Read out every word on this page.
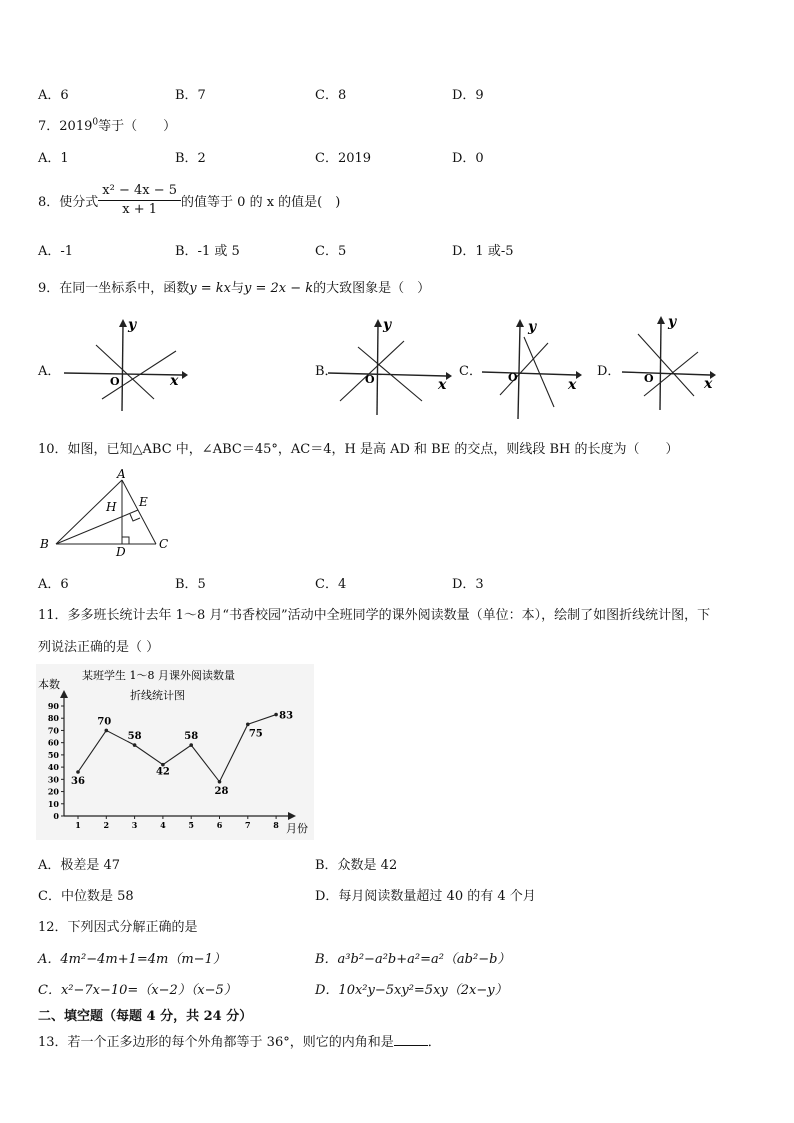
A．6	B．7	C．8	D．9
7．2019$^0$等于（　　）
A．1	B．2	C．2019	D．0
8．使分式 $\frac{\text{x² − 4x − 5}}{x + 1}$ 的值等于 0 的 x 的值是(　)
A．-1	B．-1 或 5	C．5	D．1 或-5
9．在同一坐标系中，函数y = kx与y = 2x − k的大致图象是（　）
A．
O	x
y
B．
O	x
y
C． O	x
y
D． O	x
y
10．如图，已知△ABC 中，∠ABC＝45°，AC＝4，H 是高 AD 和 BE 的交点，则线段 BH 的长度为（　　）
A
B	C
D
E
H
A．6	B．5	C．4	D．3
11．多多班长统计去年 1～8 月“书香校园”活动中全班同学的课外阅读数量（单位：本），绘制了如图折线统计图，下
列说法正确的是（ ）
某班学生 1～8 月课外阅读数量
折线统计图
本数
月份
0
10
20
30
40
50
60
70
80
90
1	2	3	4	5	6	7	8
36
70
58
42
58
28
75
83
A．极差是 47	B．众数是 42
C．中位数是 58	D．每月阅读数量超过 40 的有 4 个月
12．下列因式分解正确的是
A．4m²−4m+1=4m（m−1）	B．a³b²−a²b+a²=a²（ab²−b）
C．x²−7x−10=（x−2）（x−5）	D．10x²y−5xy²=5xy（2x−y）
二、填空题（每题 4 分，共 24 分）
13．若一个正多边形的每个外角都等于 36°，则它的内角和是	．
